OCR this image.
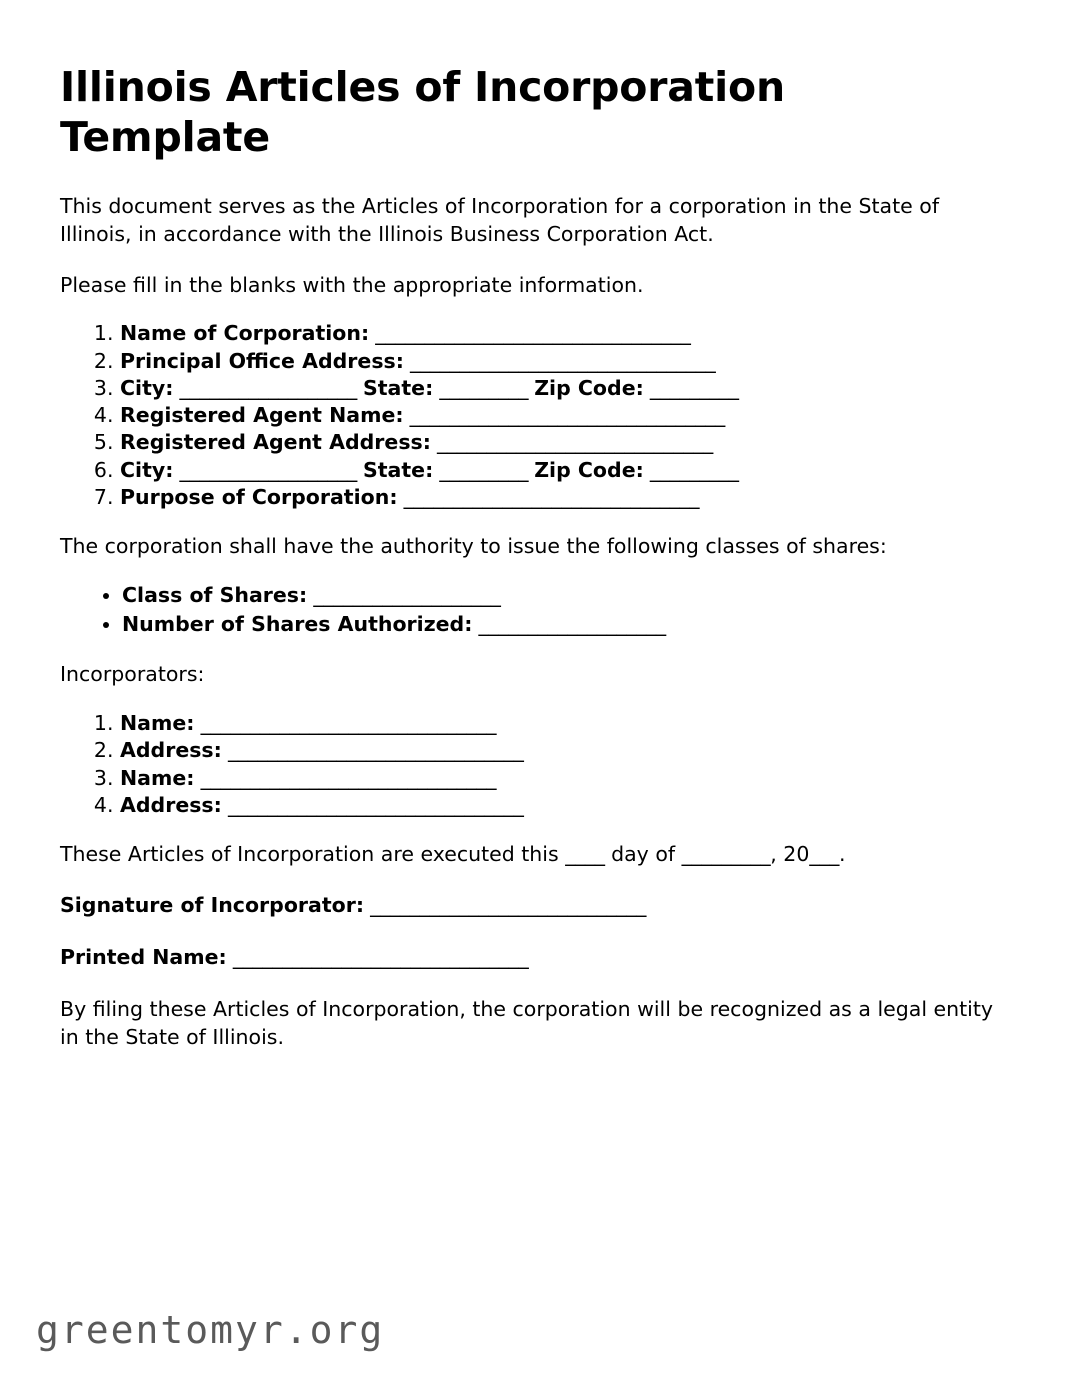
Illinois Articles of Incorporation Template

This document serves as the Articles of Incorporation for a corporation in the State of Illinois, in accordance with the Illinois Business Corporation Act.

Please fill in the blanks with the appropriate information.

1. Name of Corporation: ________________________________
2. Principal Office Address: _______________________________
3. City: __________________ State: _________ Zip Code: _________
4. Registered Agent Name: ________________________________
5. Registered Agent Address: ____________________________
6. City: __________________ State: _________ Zip Code: _________
7. Purpose of Corporation: ______________________________

The corporation shall have the authority to issue the following classes of shares:

• Class of Shares: ___________________
• Number of Shares Authorized: ___________________

Incorporators:

1. Name: ______________________________
2. Address: ______________________________
3. Name: ______________________________
4. Address: ______________________________

These Articles of Incorporation are executed this ____ day of _________, 20___.

Signature of Incorporator: ____________________________

Printed Name: ______________________________

By filing these Articles of Incorporation, the corporation will be recognized as a legal entity in the State of Illinois.

greentomyr.org
